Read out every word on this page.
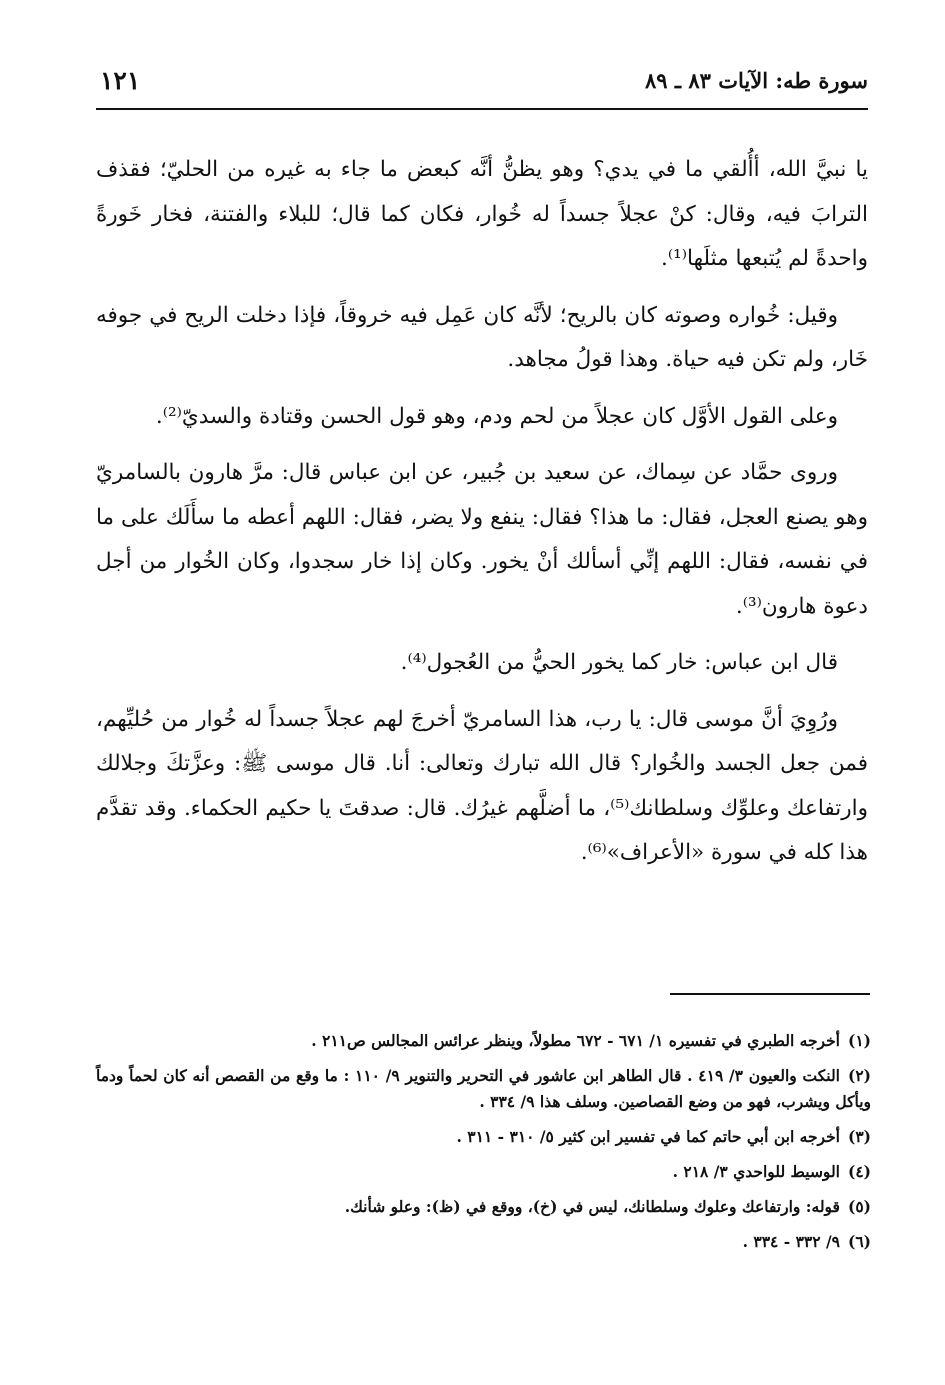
سورة طه: الآيات ٨٣ ـ ٨٩
١٢١

يا نبيَّ الله، أأُلقي ما في يدي؟ وهو يظنُّ أنَّه كبعض ما جاء به غيره من الحليّ؛ فقذف الترابَ فيه، وقال: كنْ عجلاً جسداً له خُوار، فكان كما قال؛ للبلاء والفتنة، فخار خَورةً واحدةً لم يُتبعها مثلَها⁽¹⁾.

وقيل: خُواره وصوته كان بالريح؛ لأنَّه كان عَمِل فيه خروقاً، فإذا دخلت الريح في جوفه خَار، ولم تكن فيه حياة. وهذا قولُ مجاهد.

وعلى القول الأوَّل كان عجلاً من لحم ودم، وهو قول الحسن وقتادة والسديّ⁽²⁾.

وروى حمَّاد عن سِماك، عن سعيد بن جُبير، عن ابن عباس قال: مرَّ هارون بالسامريّ وهو يصنع العجل، فقال: ما هذا؟ فقال: ينفع ولا يضر، فقال: اللهم أعطه ما سأَلَك على ما في نفسه، فقال: اللهم إنِّي أسألك أنْ يخور. وكان إذا خار سجدوا، وكان الخُوار من أجل دعوة هارون⁽³⁾.

قال ابن عباس: خار كما يخور الحيُّ من العُجول⁽⁴⁾.

ورُوِيَ أنَّ موسى قال: يا رب، هذا السامريّ أخرجَ لهم عجلاً جسداً له خُوار من حُليِّهم، فمن جعل الجسد والخُوار؟ قال الله تبارك وتعالى: أنا. قال موسى ﷺ: وعزَّتكَ وجلالك وارتفاعك وعلوِّك وسلطانك⁽⁵⁾، ما أضلَّهم غيرُك. قال: صدقتَ يا حكيم الحكماء. وقد تقدَّم هذا كله في سورة «الأعراف»⁽⁶⁾.

(١)أخرجه الطبري في تفسيره ١/ ٦٧١ - ٦٧٢ مطولاً، وينظر عرائس المجالس ص٢١١ .
(٢)النكت والعيون ٣/ ٤١٩ . قال الطاهر ابن عاشور في التحرير والتنوير ٩/ ١١٠ : ما وقع من القصص أنه كان لحماً ودماً ويأكل ويشرب، فهو من وضع القصاصين. وسلف هذا ٩/ ٣٣٤ .
(٣)أخرجه ابن أبي حاتم كما في تفسير ابن كثير ٥/ ٣١٠ - ٣١١ .
(٤)الوسيط للواحدي ٣/ ٢١٨ .
(٥)قوله: وارتفاعك وعلوك وسلطانك، ليس في (خ)، ووقع في (ظ): وعلو شأنك.
(٦)٩/ ٣٣٢ - ٣٣٤ .
